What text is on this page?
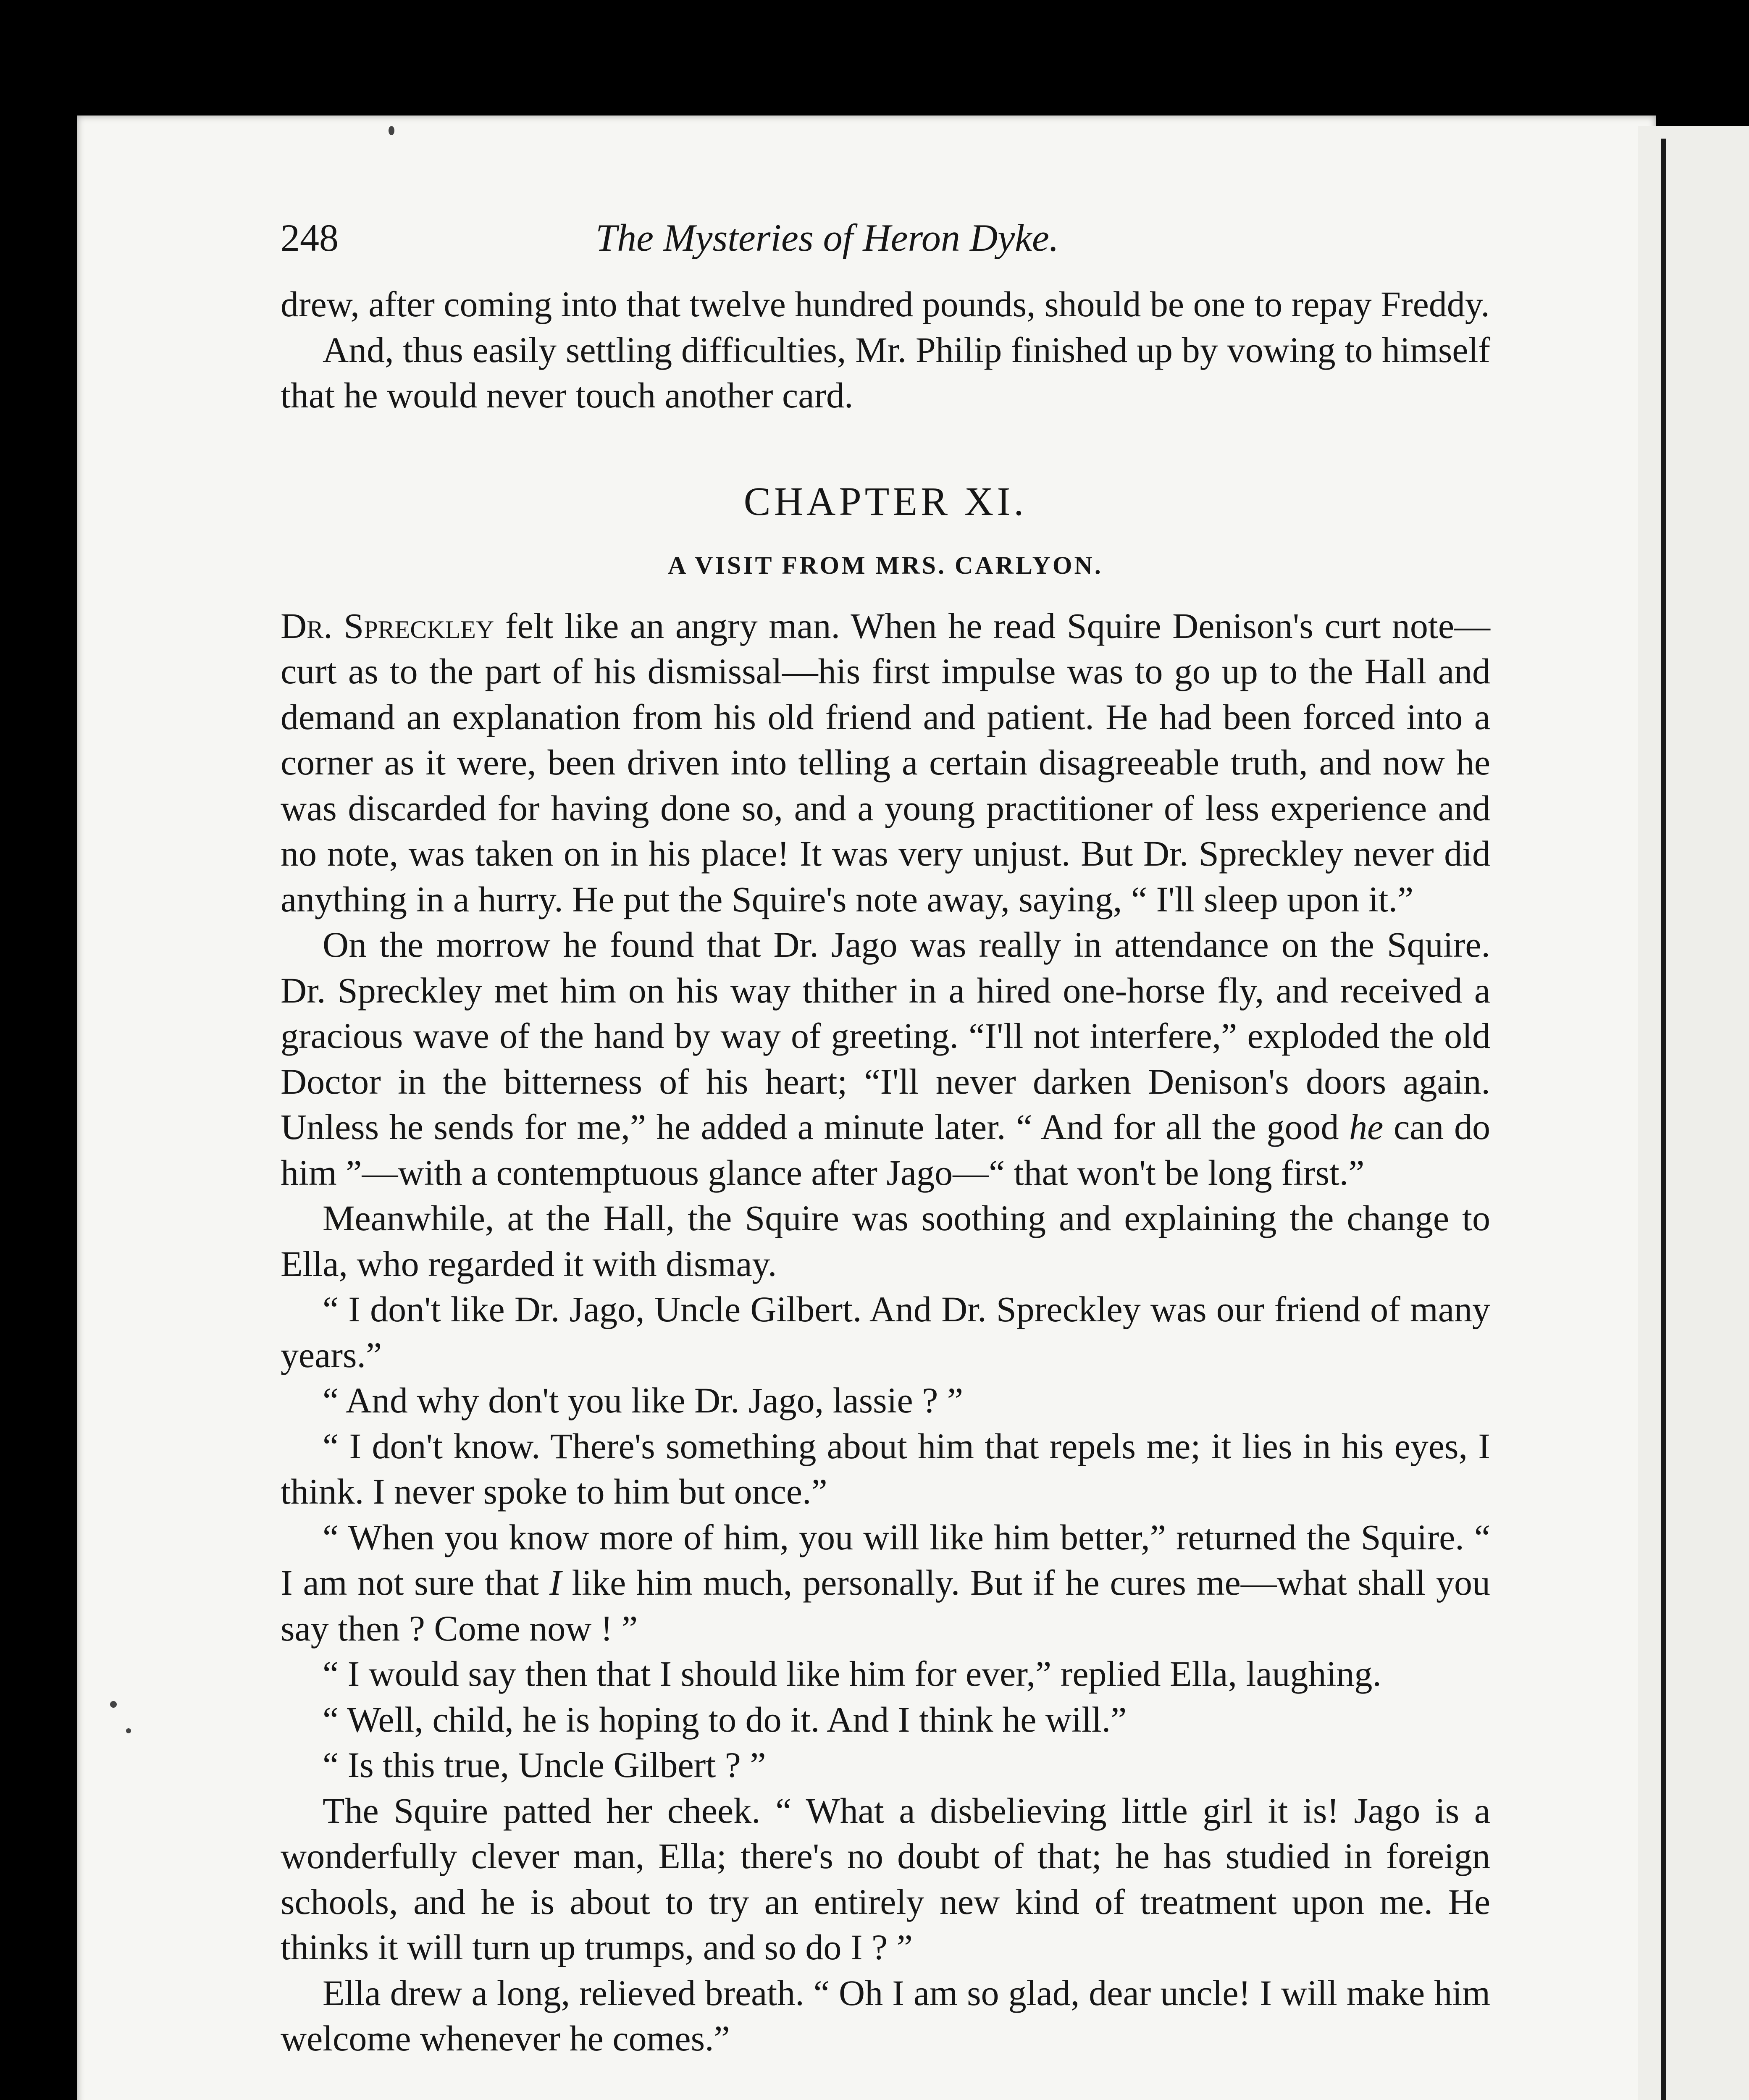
248	The Mysteries of Heron Dyke.

drew, after coming into that twelve hundred pounds, should be one to repay Freddy.

And, thus easily settling difficulties, Mr. Philip finished up by vowing to himself that he would never touch another card.

CHAPTER XI.
A VISIT FROM MRS. CARLYON.

Dr. Spreckley felt like an angry man. When he read Squire Denison's curt note—curt as to the part of his dismissal—his first impulse was to go up to the Hall and demand an explanation from his old friend and patient. He had been forced into a corner as it were, been driven into telling a certain disagreeable truth, and now he was discarded for having done so, and a young practitioner of less experience and no note, was taken on in his place! It was very unjust. But Dr. Spreckley never did anything in a hurry. He put the Squire's note away, saying, “ I'll sleep upon it.”

On the morrow he found that Dr. Jago was really in attendance on the Squire. Dr. Spreckley met him on his way thither in a hired one-horse fly, and received a gracious wave of the hand by way of greeting. “I'll not interfere,” exploded the old Doctor in the bitterness of his heart; “I'll never darken Denison's doors again. Unless he sends for me,” he added a minute later. “ And for all the good he can do him ”—with a contemptuous glance after Jago—“ that won't be long first.”

Meanwhile, at the Hall, the Squire was soothing and explaining the change to Ella, who regarded it with dismay.

“ I don't like Dr. Jago, Uncle Gilbert. And Dr. Spreckley was our friend of many years.”

“ And why don't you like Dr. Jago, lassie ? ”

“ I don't know. There's something about him that repels me; it lies in his eyes, I think. I never spoke to him but once.”

“ When you know more of him, you will like him better,” returned the Squire. “ I am not sure that I like him much, personally. But if he cures me—what shall you say then ? Come now ! ”

“ I would say then that I should like him for ever,” replied Ella, laughing.

“ Well, child, he is hoping to do it. And I think he will.”

“ Is this true, Uncle Gilbert ? ”

The Squire patted her cheek. “ What a disbelieving little girl it is! Jago is a wonderfully clever man, Ella; there's no doubt of that; he has studied in foreign schools, and he is about to try an entirely new kind of treatment upon me. He thinks it will turn up trumps, and so do I ? ”

Ella drew a long, relieved breath. “ Oh I am so glad, dear uncle! I will make him welcome whenever he comes.”
